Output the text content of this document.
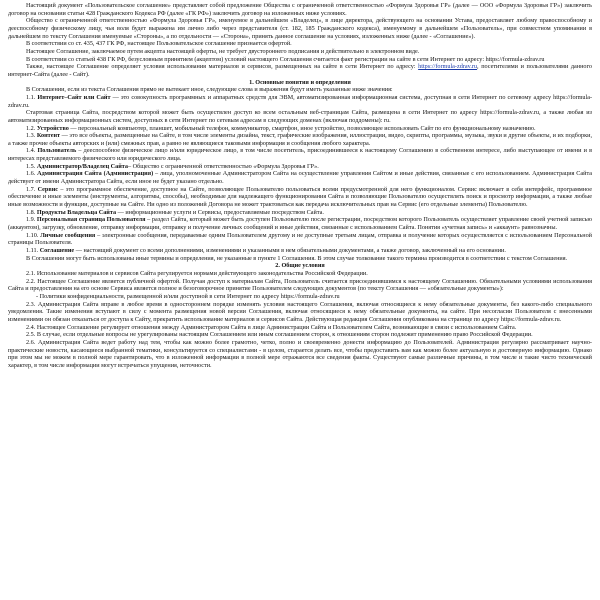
Настоящий документ «Пользовательское соглашение» представляет собой предложение Общества с ограниченной ответственностью «Формула Здоровья ГР» (далее — ООО «Формула Здоровья ГР») заключить договор на основании статьи 428 Гражданского Кодекса РФ (далее «ГК РФ») заключить договор на изложенных ниже условиях.

Общество с ограниченной ответственностью «Формула Здоровья ГР», именуемое в дальнейшем «Владелец», в лице директора, действующего на основании Устава, предоставляет любому правоспособному и дееспособному физическому лицу, чья воля будет выражена им лично либо через представителя (ст. 182, 185 Гражданского кодекса), именуемому в дальнейшем «Пользователь», при совместном упоминании в дальнейшем по тексту Соглашения именуемые «Стороны», а по отдельности — «Сторона», принять данное соглашение на условиях, изложенных ниже (далее - «Соглашение»).

В соответствии со ст. 435, 437 ГК РФ, настоящее Пользовательское соглашение признается офертой.

Настоящее Соглашение, заключаемое путем акцепта настоящей оферты, не требует двустороннего подписания и действительно в электронном виде.

В соответствии со статьей 438 ГК РФ, безусловным принятием (акцептом) условий настоящего Соглашения считается факт регистрации на сайте в сети Интернет по адресу: https://formula-zdrav.ru

Также, настоящее Соглашение определяет условия использования материалов и сервисов, размещенных на сайте в сети Интернет по адресу: https://formula-zdrav.ru, посетителями и пользователями данного интернет-Сайта (далее - Сайт).

1. Основные понятия и определения

В Соглашении, если из текста Соглашения прямо не вытекает иное, следующие слова и выражения будут иметь указанные ниже значения:

1.1. Интернет–Сайт или Сайт — это совокупность программных и аппаратных средств для ЭВМ, автоматизированная информационная система, доступная в сети Интернет по сетевому адресу https://formula-zdrav.ru.

Стартовая страница Сайта, посредством которой может быть осуществлен доступ ко всем остальным веб-страницам Сайта, размещена в сети Интернет по адресу https://formula-zdrav.ru, а также любая из автоматизированных информационных систем, доступных в сети Интернет по сетевым адресам в следующих доменах (включая поддомены): ru.

1.2. Устройство — персональный компьютер, планшет, мобильный телефон, коммуникатор, смартфон, иное устройство, позволяющее использовать Сайт по его функциональному назначению.

1.3. Контент — это все объекты, размещенные на Сайте, в том числе элементы дизайна, текст, графические изображения, иллюстрации, видео, скрипты, программы, музыка, звуки и другие объекты, и их подборки, а также прочие объекты авторских и (или) смежных прав, а равно не являющиеся таковыми информация и сообщения любого характера.

1.4. Пользователь – дееспособное физическое лицо и/или юридическое лицо, в том числе посетитель, присоединившееся к настоящему Соглашению в собственном интересе, либо выступающее от имени и в интересах представляемого физического или юридического лица.

1.5. Администратор/Владелец Сайта– Общество с ограниченной ответственностью «Формула Здоровья ГР».

1.6. Администрация Сайта (Администрация) – лица, уполномоченные Администратором Сайта на осуществление управления Сайтом и иные действия, связанные с его использованием. Администрация Сайта действует от имени Администратора Сайта, если иное не будет указано отдельно.

1.7. Сервис – это программное обеспечение, доступное на Сайте, позволяющее Пользователю пользоваться всеми предусмотренной для него функционалом. Сервис включает в себя интерфейс, программное обеспечение и иные элементы (инструменты, алгоритмы, способы), необходимые для надлежащего функционирования Сайта и позволяющие Пользователю осуществлять поиск и просмотр информации, а также любые иные возможности и функции, доступные на Сайте. Ни одно из положений Договора не может трактоваться как передача исключительных прав на Сервис (его отдельные элементы) Пользователю.

1.8. Продукты Владельца Сайта — информационные услуги и Сервисы, предоставляемые посредством Сайта.

1.9. Персональная страница Пользователя – раздел Сайта, который может быть доступен Пользователю после регистрации, посредством которого Пользователь осуществляет управление своей учетной записью (аккаунтом), загрузку, обновление, отправку информации, отправку и получение личных сообщений и иные действия, связанные с использованием Сайта. Понятия «учетная запись» и «аккаунт» равнозначны.

1.10. Личные сообщения – электронные сообщения, передаваемые одним Пользователем другому и не доступные третьим лицам, отправка и получение которых осуществляется с использованием Персональной страницы Пользователя.

1.11. Соглашение — настоящий документ со всеми дополнениями, изменениями и указанными в нем обязательными документами, а также договор, заключенный на его основании.

В Соглашении могут быть использованы иные термины и определения, не указанные в пункте 1 Соглашения. В этом случае толкование такого термина производится в соответствии с текстом Соглашения.

2. Общие условия

2.1. Использование материалов и сервисов Сайта регулируется нормами действующего законодательства Российской Федерации.

2.2. Настоящее Соглашение является публичной офертой. Получая доступ к материалам Сайта, Пользователь считается присоединившимся к настоящему Соглашению. Обязательными условиями использования Сайта и предоставления на его основе Сервиса является полное и безоговорочное принятие Пользователем следующих документов (по тексту Соглашения — «обязательные документы»):

- Политики конфиденциальности, размещенной и/или доступной в сети Интернет по адресу https://formula-zdrav.ru

2.3. Администрация Сайта вправе в любое время в одностороннем порядке изменять условия настоящего Соглашения, включая относящиеся к нему обязательные документы, без какого-либо специального уведомления. Такие изменения вступают в силу с момента размещения новой версии Соглашения, включая относящиеся к нему обязательные документы, на сайте. При несогласии Пользователя с внесенными изменениями он обязан отказаться от доступа к Сайту, прекратить использование материалов и сервисов Сайта. Действующая редакция Соглашения опубликована на странице по адресу https://formula-zdrav.ru.

2.4. Настоящее Соглашение регулирует отношения между Администратором Сайта в лице Администрации Сайта и Пользователем Сайта, возникающие в связи с использованием Сайта.

2.5. В случае, если отдельные вопросы не урегулированы настоящим Соглашением или иным соглашением сторон, к отношениям сторон подлежит применению право Российской Федерации.

2.6. Администрация Сайта ведет работу над тем, чтобы как можно более грамотно, четко, полно и своевременно донести информацию до Пользователей. Администрация регулярно рассматривает научно-практические новости, касающиеся выбранной тематики, консультируется со специалистами - в целом, старается делать все, чтобы предоставить вам как можно более актуальную и достоверную информацию. Однако при этом мы не можем в полной мере гарантировать, что в изложенной информации в полной мере отражаются все сведения факты. Существуют самые различные причины, в том числе и такие чисто технический характер, в том числе информации могут встречаться упущения, неточности.
